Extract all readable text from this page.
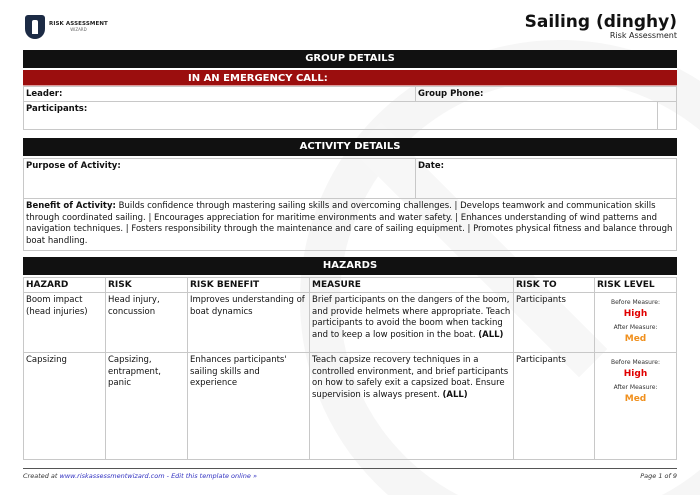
RISK ASSESSMENT
WIZARD	Sailing (dinghy)
Risk Assessment
GROUP DETAILS
IN AN EMERGENCY CALL:
Leader:	Group Phone:	
Participants:		
ACTIVITY DETAILS
Purpose of Activity:	Date:
Benefit of Activity: Builds confidence through mastering sailing skills and overcoming challenges. | Develops teamwork and communication skills through coordinated sailing. | Encourages appreciation for maritime environments and water safety. | Enhances understanding of wind patterns and navigation techniques. | Fosters responsibility through the maintenance and care of sailing equipment. | Promotes physical fitness and balance through boat handling.
HAZARDS
HAZARD	RISK	RISK BENEFIT	MEASURE	RISK TO	RISK LEVEL
Boom impact (head injuries)	Head injury, concussion	Improves understanding of boat dynamics	Brief participants on the dangers of the boom, and provide helmets where appropriate. Teach participants to avoid the boom when tacking and to keep a low position in the boat. (ALL)	Participants	Before Measure:
High
After Measure:
Med

Capsizing	Capsizing, entrapment, panic	Enhances participants' sailing skills and experience	Teach capsize recovery techniques in a controlled environment, and brief participants on how to safely exit a capsized boat. Ensure supervision is always present. (ALL)	Participants	Before Measure:
High
After Measure:
Med
Created at www.riskassessmentwizard.com - Edit this template online »	Page 1 of 9
